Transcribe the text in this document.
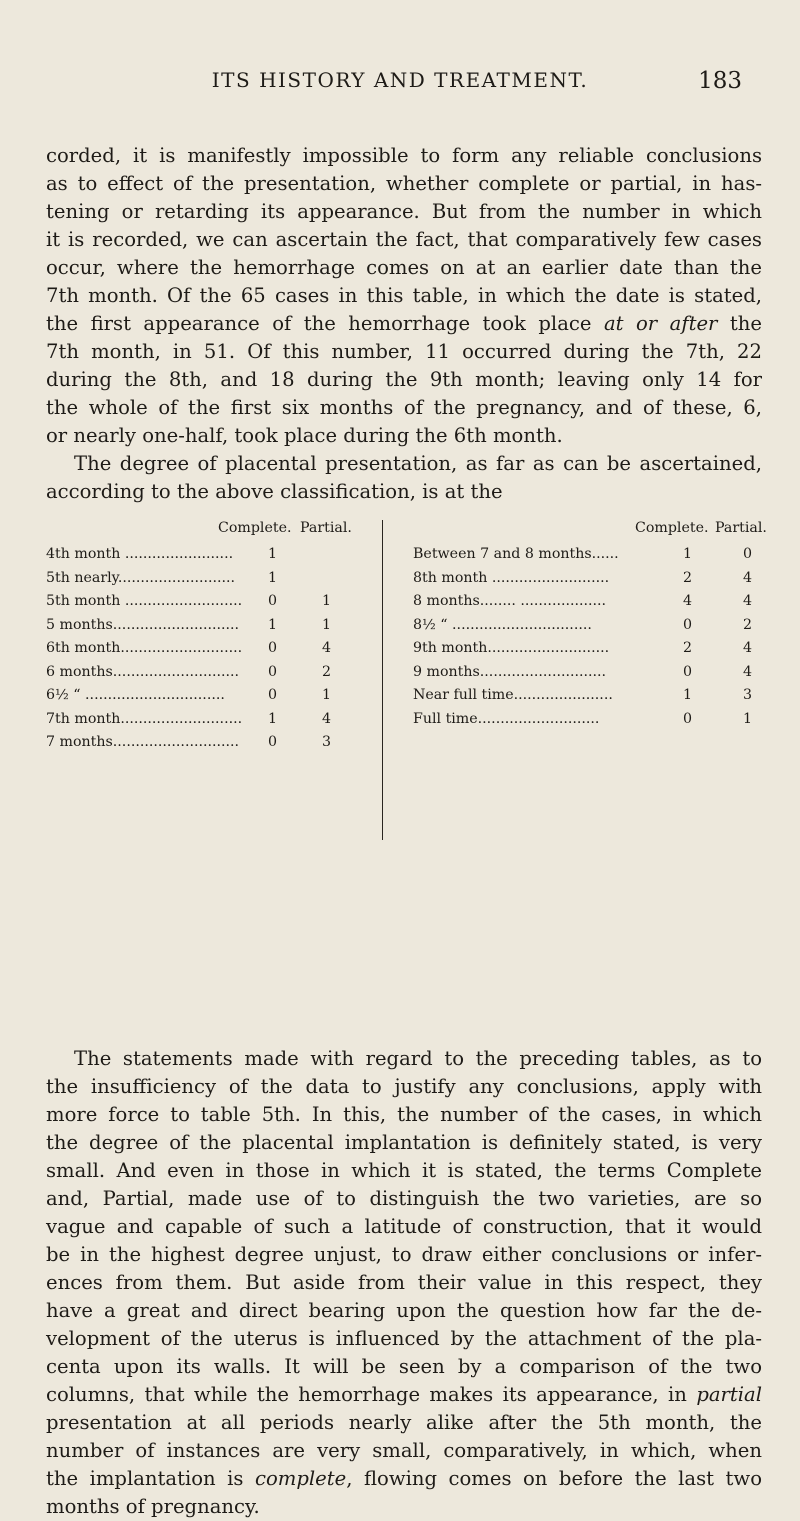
ITS HISTORY AND TREATMENT.	183
corded, it is manifestly impossible to form any reliable conclusions
as to effect of the presentation, whether complete or partial, in has-
tening or retarding its appearance. But from the number in which
it is recorded, we can ascertain the fact, that comparatively few cases
occur, where the hemorrhage comes on at an earlier date than the
7th month. Of the 65 cases in this table, in which the date is stated,
the first appearance of the hemorrhage took place at or after the
7th month, in 51. Of this number, 11 occurred during the 7th, 22
during the 8th, and 18 during the 9th month; leaving only 14 for
the whole of the first six months of the pregnancy, and of these, 6,
or nearly one-half, took place during the 6th month.
The degree of placental presentation, as far as can be ascertained,
according to the above classification, is at the
Complete. Partial.
4th month ........................ 1
5th nearly.......................... 1
5th month .......................... 0	1
5 months............................ 1	1
6th month........................... 0	4
6 months............................ 0	2
6½ “ ...............................	0	1
7th month........................... 1	4
7 months............................ 0	3
Complete. Partial.
Between 7 and 8 months......	1	0
8th month ..........................	2	4
8 months........ ...................	4	4
8½ “ ...............................	0	2
9th month...........................	2	4
9 months............................	0	4
Near full time......................	1	3
Full time...........................	0	1
The statements made with regard to the preceding tables, as to
the insufficiency of the data to justify any conclusions, apply with
more force to table 5th. In this, the number of the cases, in which
the degree of the placental implantation is definitely stated, is very
small. And even in those in which it is stated, the terms Complete
and, Partial, made use of to distinguish the two varieties, are so
vague and capable of such a latitude of construction, that it would
be in the highest degree unjust, to draw either conclusions or infer-
ences from them. But aside from their value in this respect, they
have a great and direct bearing upon the question how far the de-
velopment of the uterus is influenced by the attachment of the pla-
centa upon its walls. It will be seen by a comparison of the two
columns, that while the hemorrhage makes its appearance, in partial
presentation at all periods nearly alike after the 5th month, the
number of instances are very small, comparatively, in which, when
the implantation is complete, flowing comes on before the last two
months of pregnancy.
